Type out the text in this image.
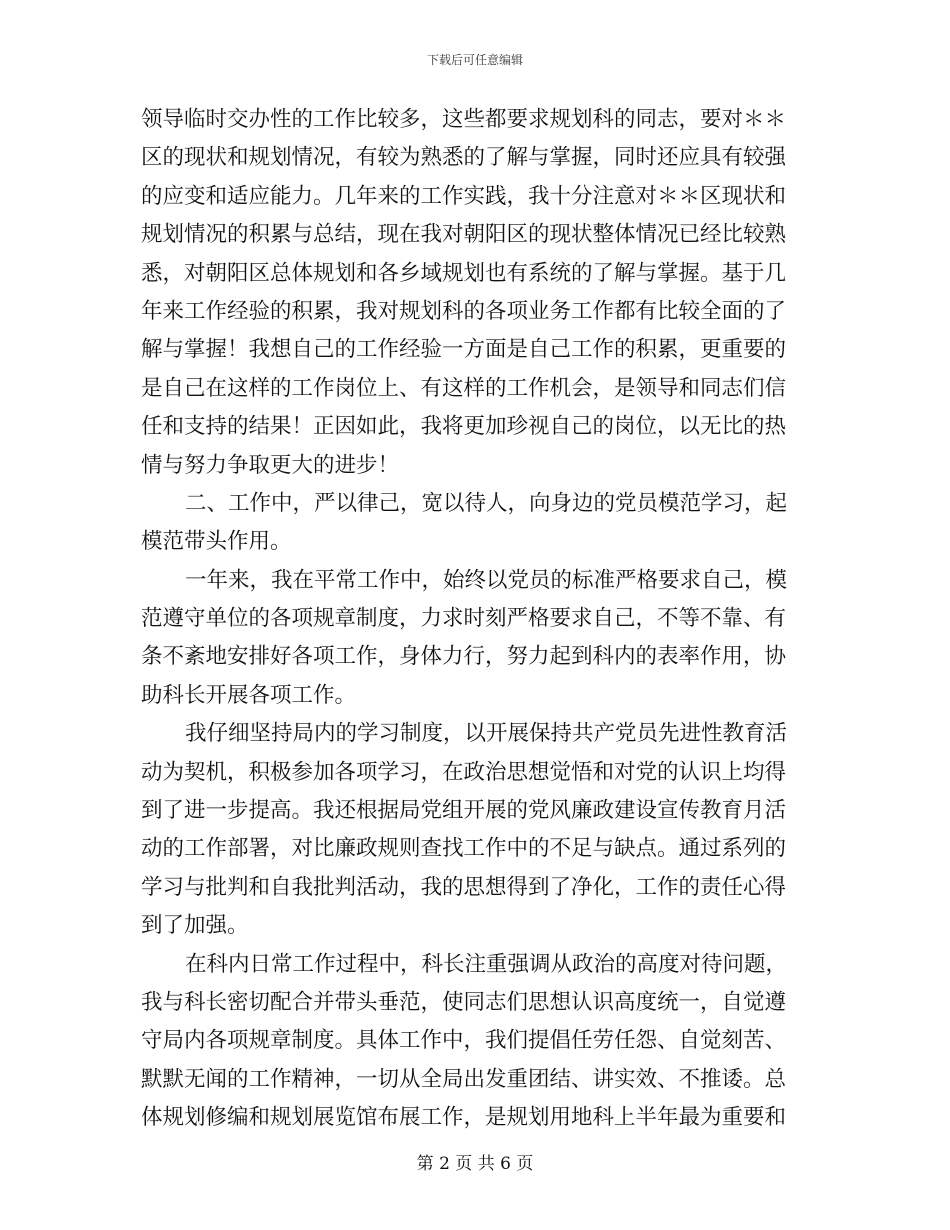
下载后可任意编辑
领导临时交办性的工作比较多，这些都要求规划科的同志，要对＊＊
区的现状和规划情况，有较为熟悉的了解与掌握，同时还应具有较强
的应变和适应能力。几年来的工作实践，我十分注意对＊＊区现状和
规划情况的积累与总结，现在我对朝阳区的现状整体情况已经比较熟
悉，对朝阳区总体规划和各乡域规划也有系统的了解与掌握。基于几
年来工作经验的积累，我对规划科的各项业务工作都有比较全面的了
解与掌握！我想自己的工作经验一方面是自己工作的积累，更重要的
是自己在这样的工作岗位上、有这样的工作机会，是领导和同志们信
任和支持的结果！正因如此，我将更加珍视自己的岗位，以无比的热
情与努力争取更大的进步！
二、工作中，严以律己，宽以待人，向身边的党员模范学习，起
模范带头作用。
一年来，我在平常工作中，始终以党员的标准严格要求自己，模
范遵守单位的各项规章制度，力求时刻严格要求自己，不等不靠、有
条不紊地安排好各项工作，身体力行，努力起到科内的表率作用，协
助科长开展各项工作。
我仔细坚持局内的学习制度，以开展保持共产党员先进性教育活
动为契机，积极参加各项学习，在政治思想觉悟和对党的认识上均得
到了进一步提高。我还根据局党组开展的党风廉政建设宣传教育月活
动的工作部署，对比廉政规则查找工作中的不足与缺点。通过系列的
学习与批判和自我批判活动，我的思想得到了净化，工作的责任心得
到了加强。
在科内日常工作过程中，科长注重强调从政治的高度对待问题，
我与科长密切配合并带头垂范，使同志们思想认识高度统一，自觉遵
守局内各项规章制度。具体工作中，我们提倡任劳任怨、自觉刻苦、
默默无闻的工作精神，一切从全局出发重团结、讲实效、不推诿。总
体规划修编和规划展览馆布展工作，是规划用地科上半年最为重要和
第 2 页 共 6 页
